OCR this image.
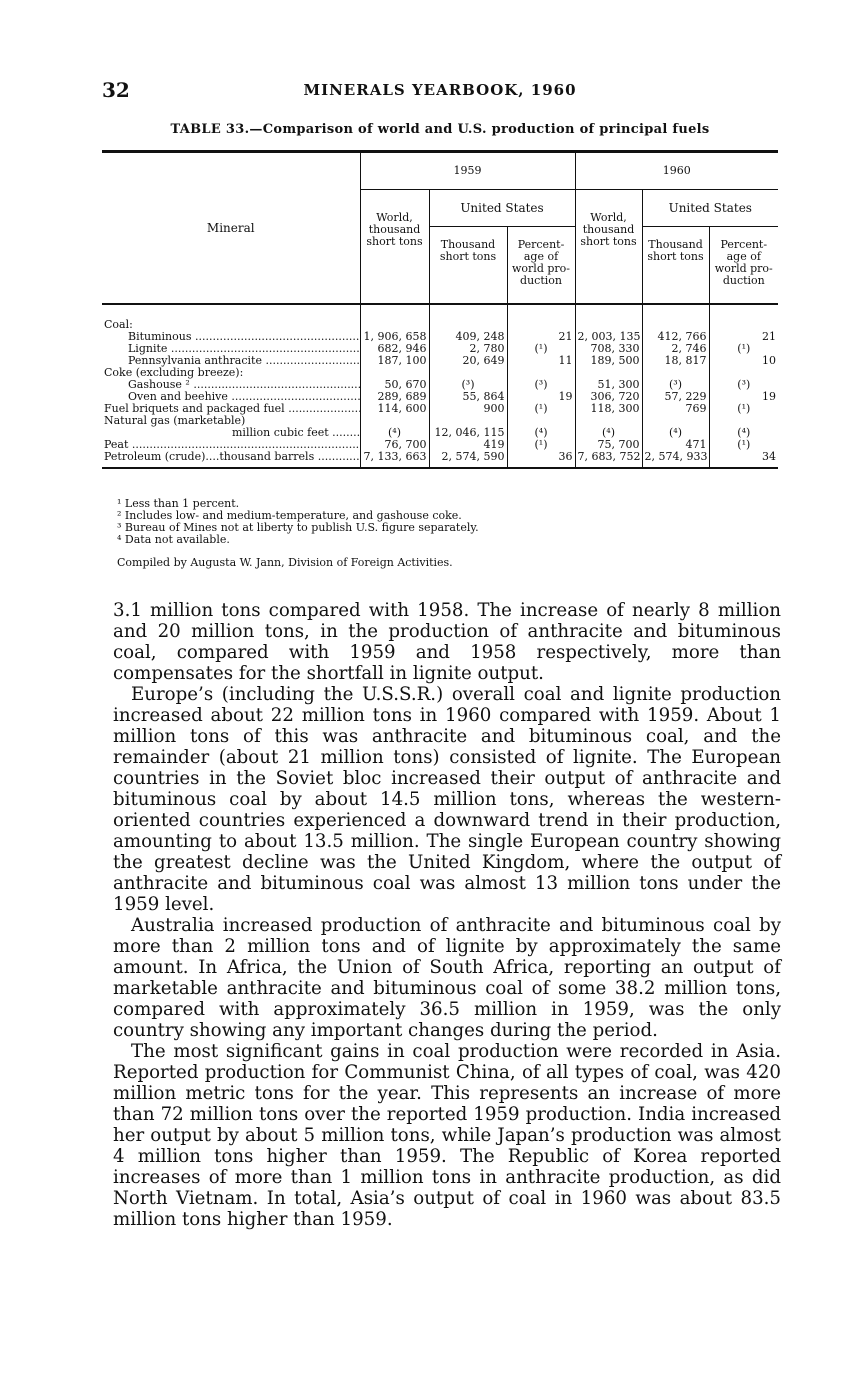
32	MINERALS YEARBOOK, 1960
TABLE 33.—Comparison of world and U.S. production of principal fuels
Mineral	1959			1960		
	World, thousand short tons	United States		World, thousand short tons	United States	
		Thousand short tons	Percent- age of world pro- duction		Thousand short tons	Percent- age of world pro- duction

Coal:						
Bituminous .....	1, 906, 658	409, 248	21	2, 003, 135	412, 766	21
Lignite .....	682, 946	2, 780	(¹)	708, 330	2, 746	(¹)
Pennsylvania anthracite .....	187, 100	20, 649	11	189, 500	18, 817	10
Coke (excluding breeze):						
Gashouse ² .....	50, 670	(³)	(³)	51, 300	(³)	(³)
Oven and beehive .....	289, 689	55, 864	19	306, 720	57, 229	19
Fuel briquets and packaged fuel .....	114, 600	900	(¹)	118, 300	769	(¹)
Natural gas (marketable)						
million cubic feet .....	(⁴)	12, 046, 115	(⁴)	(⁴)	(⁴)	(⁴)
Peat .....	76, 700	419	(¹)	75, 700	471	(¹)
Petroleum (crude)....thousand barrels .....	7, 133, 663	2, 574, 590	36	7, 683, 752	2, 574, 933	34
¹ Less than 1 percent.
² Includes low- and medium-temperature, and gashouse coke.
³ Bureau of Mines not at liberty to publish U.S. figure separately.
⁴ Data not available.
Compiled by Augusta W. Jann, Division of Foreign Activities.

3.1 million tons compared with 1958. The increase of nearly 8 million and 20 million tons, in the production of anthracite and bituminous coal, compared with 1959 and 1958 respectively, more than compensates for the shortfall in lignite output.

Europe’s (including the U.S.S.R.) overall coal and lignite production increased about 22 million tons in 1960 compared with 1959. About 1 million tons of this was anthracite and bituminous coal, and the remainder (about 21 million tons) consisted of lignite. The European countries in the Soviet bloc increased their output of anthracite and bituminous coal by about 14.5 million tons, whereas the western-oriented countries experienced a downward trend in their production, amounting to about 13.5 million. The single European country showing the greatest decline was the United Kingdom, where the output of anthracite and bituminous coal was almost 13 million tons under the 1959 level.

Australia increased production of anthracite and bituminous coal by more than 2 million tons and of lignite by approximately the same amount. In Africa, the Union of South Africa, reporting an output of marketable anthracite and bituminous coal of some 38.2 million tons, compared with approximately 36.5 million in 1959, was the only country showing any important changes during the period.

The most significant gains in coal production were recorded in Asia. Reported production for Communist China, of all types of coal, was 420 million metric tons for the year. This represents an increase of more than 72 million tons over the reported 1959 production. India increased her output by about 5 million tons, while Japan’s production was almost 4 million tons higher than 1959. The Republic of Korea reported increases of more than 1 million tons in anthracite production, as did North Vietnam. In total, Asia’s output of coal in 1960 was about 83.5 million tons higher than 1959.
